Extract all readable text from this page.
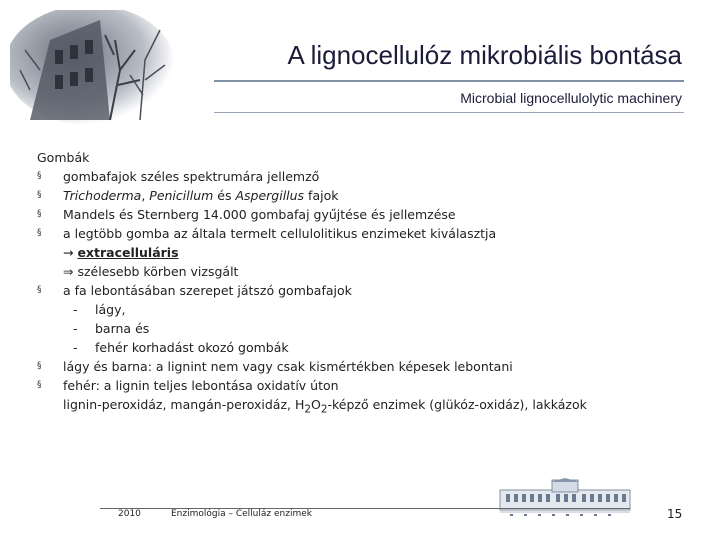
A lignocellulóz mikrobiális bontása
Microbial lignocellulolytic machinery
Gombák
§ gombafajok széles spektrumára jellemző
§ Trichoderma, Penicillum és Aspergillus fajok
§ Mandels és Sternberg 14.000 gombafaj gyűjtése és jellemzése
§ a legtöbb gomba az általa termelt cellulolitikus enzimeket kiválasztja
→ extracelluláris
⇒ szélesebb körben vizsgált
§ a fa lebontásában szerepet játszó gombafajok
- lágy,
- barna és
- fehér korhadást okozó gombák
§ lágy és barna: a lignint nem vagy csak kismértékben képesek lebontani
§ fehér: a lignin teljes lebontása oxidatív úton
lignin-peroxidáz, mangán-peroxidáz, $H_2O_2$-képző enzimek (glükóz-oxidáz), lakkázok
2010	Enzimológia – Celluláz enzimek	15
